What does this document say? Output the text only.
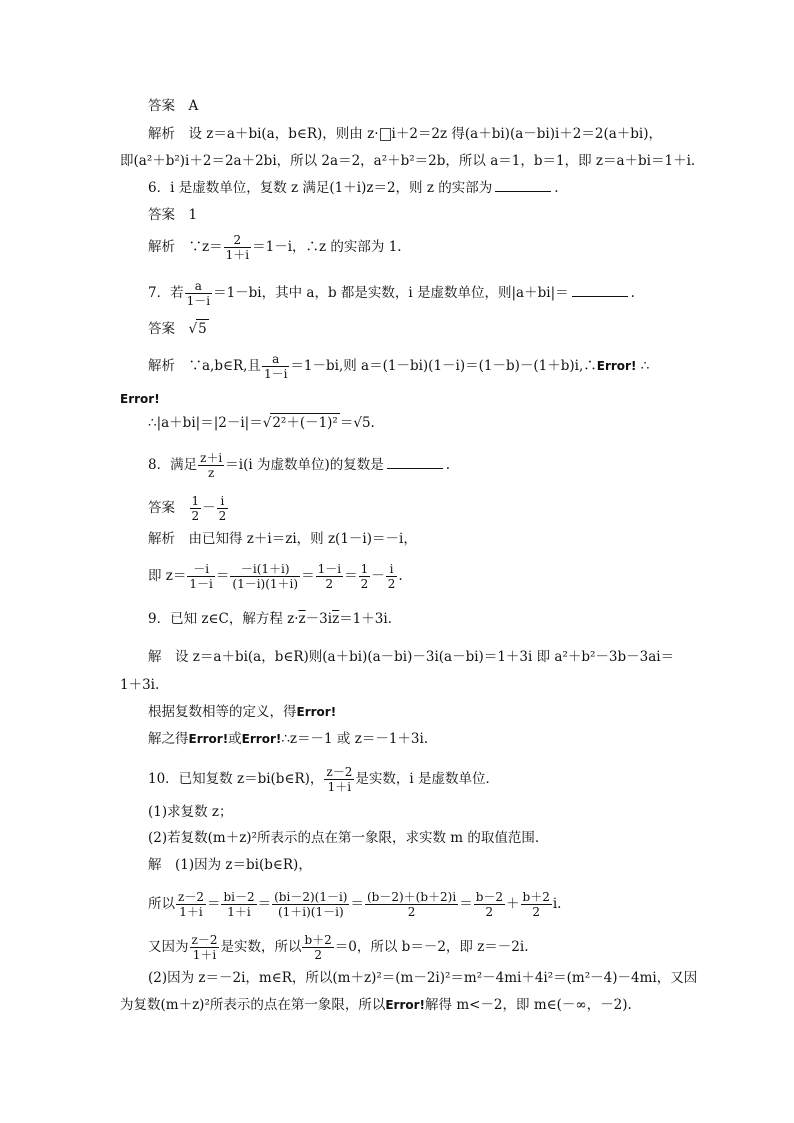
答案　A
解析　设 z＝a＋bi(a，b∈R)，则由 z· i＋2＝2z 得(a＋bi)(a－bi)i＋2＝2(a＋bi)，
即(a²＋b²)i＋2＝2a＋2bi，所以 2a＝2，a²＋b²＝2b，所以 a＝1，b＝1，即 z＝a＋bi＝1＋i.
6．i 是虚数单位，复数 z 满足(1＋i)z＝2，则 z 的实部为	.
答案　1
解析　∵z＝ $\frac{2}{1+i} =1-i$，∴z 的实部为 1.
7．若 $\frac{a}{1-i} =1-bi$，其中 a，b 都是实数，i 是虚数单位，则|a＋bi|＝	.
答案　√5
解析　∵a,b∈R,且 $\frac{a}{1-i} =1-bi$,则 a＝(1－bi)(1－i)＝(1－b)－(1＋b)i,∴Error! ∴
Error!
∴|a＋bi|＝|2－i|＝√2²＋(－1)² ＝√5.
8．满足 $\frac{z+i}{z} =i(i$ 为虚数单位)的复数是	.
答案　 $\frac{1}{2} - \frac{i}{2}$
解析　由已知得 z＋i＝zi，则 z(1－i)＝－i，
即 $z= \frac{-i}{1-i} = \frac{-i(1+i)}{(1-i)(1+i)} = \frac{1-i}{2} = \frac{1}{2} - \frac{i}{2}$ .
9．已知 z∈C，解方程 $z\cdot\overline{z}-3i\overline{z}=1+3i$.
解　设 z＝a＋bi(a，b∈R)则(a＋bi)(a－bi)－3i(a－bi)＝1＋3i 即 a²＋b²－3b－3ai＝
1＋3i.
根据复数相等的定义，得Error!
解之得Error!或Error!∴z＝－1 或 z＝－1＋3i.
10．已知复数 z＝bi(b∈R)， $\frac{z-2}{1+i}$ 是实数，i 是虚数单位．
(1)求复数 z；
(2)若复数(m＋z)²所表示的点在第一象限，求实数 m 的取值范围．
解　(1)因为 z＝bi(b∈R)，
所以 $\frac{z-2}{1+i} = \frac{bi-2}{1+i} = \frac{(bi-2)(1-i)}{(1+i)(1-i)} = \frac{(b-2)+(b+2)i}{2} = \frac{b-2}{2} + \frac{b+2}{2} i$.
又因为 $\frac{z-2}{1+i}$ 是实数，所以 $\frac{b+2}{2} =0$，所以 b＝－2，即 z＝－2i.
(2)因为 z＝－2i，m∈R，所以(m＋z)²＝(m－2i)²＝m²－4mi＋4i²＝(m²－4)－4mi，又因
为复数(m＋z)²所表示的点在第一象限，所以Error!解得 m<－2，即 m∈(－∞，－2).
